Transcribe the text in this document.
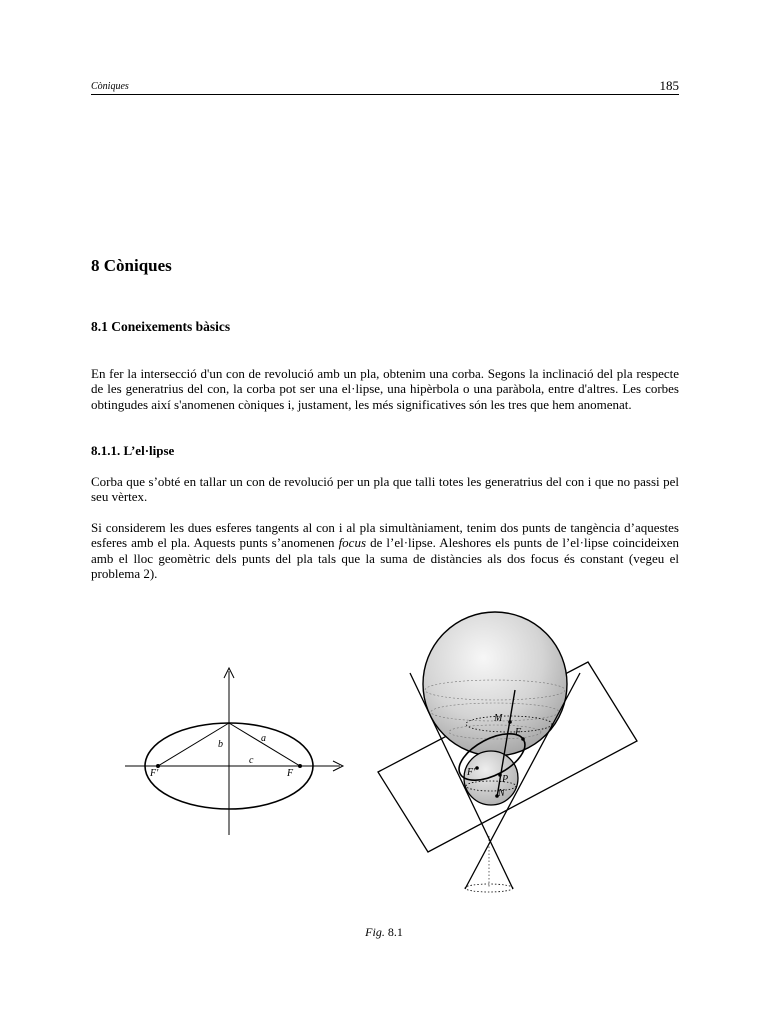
Còniques	185
8 Còniques
8.1 Coneixements bàsics

En fer la intersecció d'un con de revolució amb un pla, obtenim una corba. Segons la inclinació del pla respecte de les generatrius del con, la corba pot ser una el·lipse, una hipèrbola o una paràbola, entre d'altres. Les corbes obtingudes així s'anomenen còniques i, justament, les més significatives són les tres que hem anomenat.

8.1.1. L’el·lipse

Corba que s’obté en tallar un con de revolució per un pla que talli totes les generatrius del con i que no passi pel seu vèrtex.

Si considerem les dues esferes tangents al con i al pla simultàniament, tenim dos punts de tangència d’aquestes esferes amb el pla. Aquests punts s’anomenen focus de l’el·lipse. Aleshores els punts de l’el·lipse coincideixen amb el lloc geomètric dels punts del pla tals que la suma de distàncies als dos focus és constant (vegeu el problema 2).

b
a
c
F'	F
M
F
F'
P
N
Fig. 8.1
